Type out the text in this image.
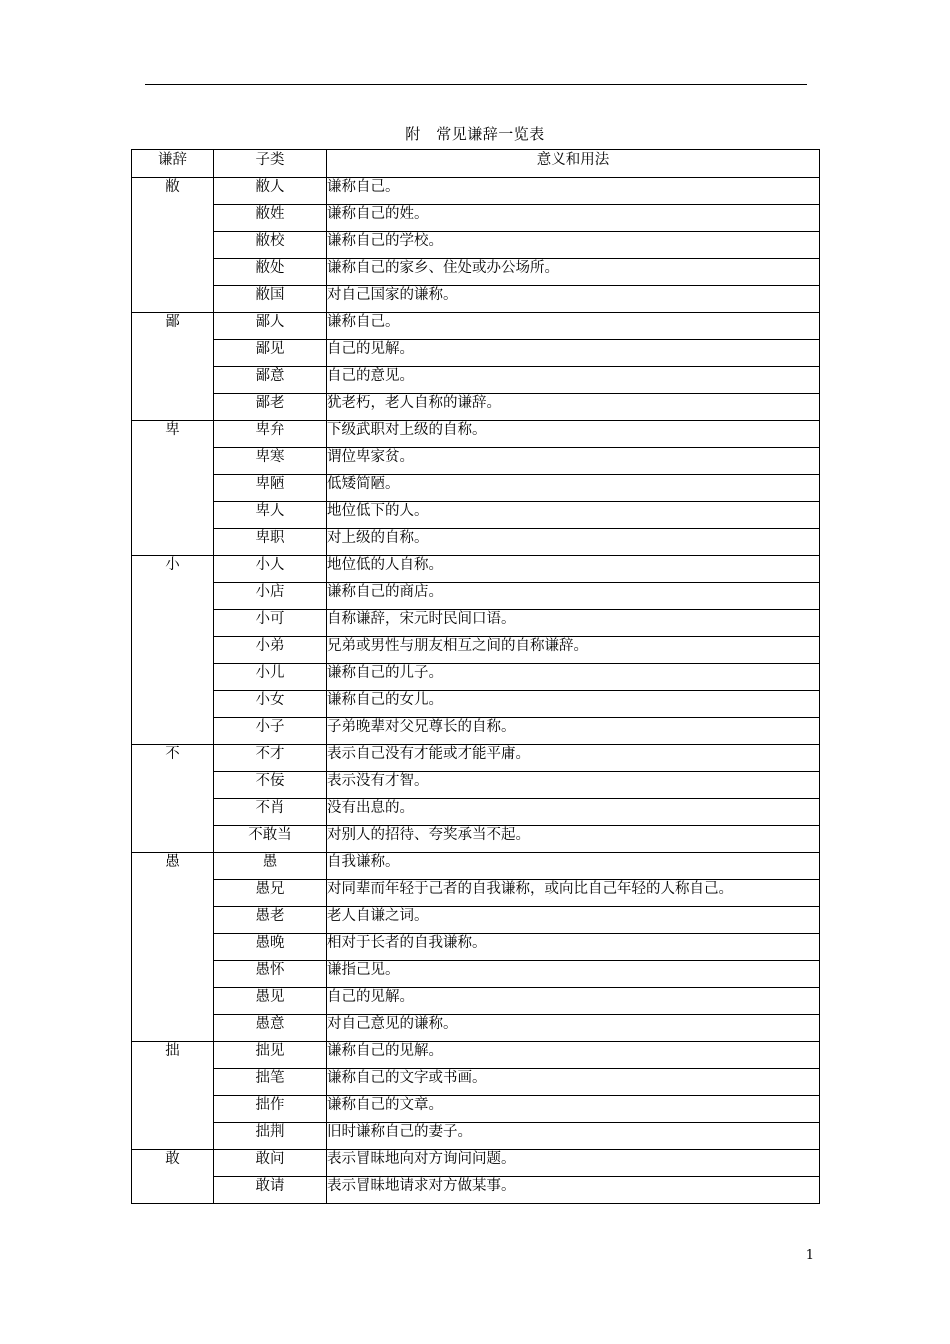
附　常见谦辞一览表
谦辞	子类	意义和用法
敝	敝人	谦称自己。
	敝姓	谦称自己的姓。
	敝校	谦称自己的学校。
	敝处	谦称自己的家乡、住处或办公场所。
	敝国	对自己国家的谦称。
鄙	鄙人	谦称自己。
	鄙见	自己的见解。
	鄙意	自己的意见。
	鄙老	犹老朽，老人自称的谦辞。
卑	卑弁	下级武职对上级的自称。
	卑寒	谓位卑家贫。
	卑陋	低矮简陋。
	卑人	地位低下的人。
	卑职	对上级的自称。
小	小人	地位低的人自称。
	小店	谦称自己的商店。
	小可	自称谦辞，宋元时民间口语。
	小弟	兄弟或男性与朋友相互之间的自称谦辞。
	小儿	谦称自己的儿子。
	小女	谦称自己的女儿。
	小子	子弟晚辈对父兄尊长的自称。
不	不才	表示自己没有才能或才能平庸。
	不佞	表示没有才智。
	不肖	没有出息的。
	不敢当	对别人的招待、夸奖承当不起。
愚	愚	自我谦称。
	愚兄	对同辈而年轻于己者的自我谦称，或向比自己年轻的人称自己。
	愚老	老人自谦之词。
	愚晚	相对于长者的自我谦称。
	愚怀	谦指己见。
	愚见	自己的见解。
	愚意	对自己意见的谦称。
拙	拙见	谦称自己的见解。
	拙笔	谦称自己的文字或书画。
	拙作	谦称自己的文章。
	拙荆	旧时谦称自己的妻子。
敢	敢问	表示冒昧地向对方询问问题。
	敢请	表示冒昧地请求对方做某事。
1
